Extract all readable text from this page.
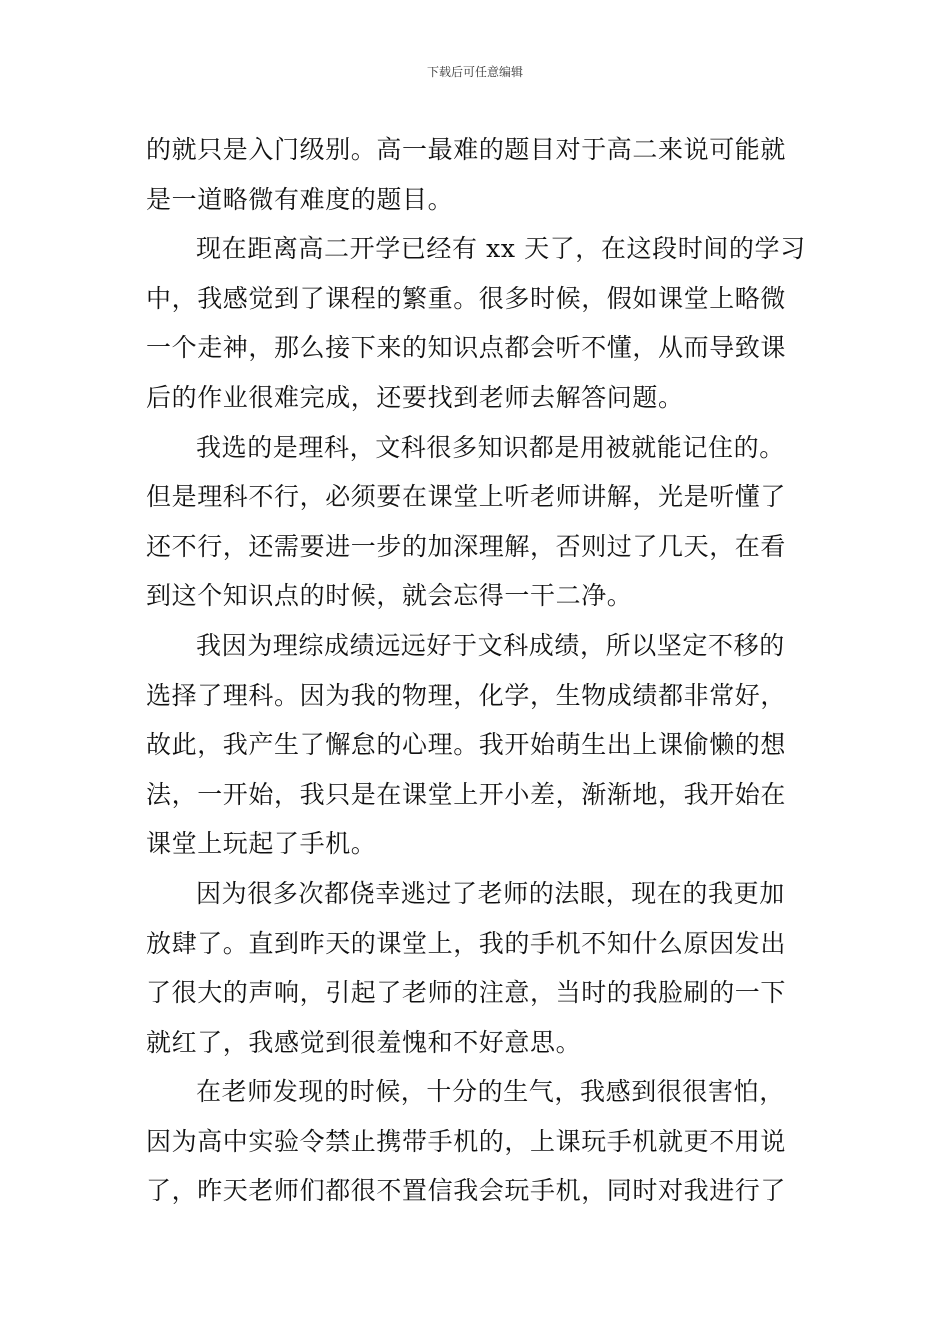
下载后可任意编辑
的就只是入门级别。高一最难的题目对于高二来说可能就
是一道略微有难度的题目。
现在距离高二开学已经有 xx 天了，在这段时间的学习
中，我感觉到了课程的繁重。很多时候，假如课堂上略微
一个走神，那么接下来的知识点都会听不懂，从而导致课
后的作业很难完成，还要找到老师去解答问题。
我选的是理科，文科很多知识都是用被就能记住的。
但是理科不行，必须要在课堂上听老师讲解，光是听懂了
还不行，还需要进一步的加深理解，否则过了几天，在看
到这个知识点的时候，就会忘得一干二净。
我因为理综成绩远远好于文科成绩，所以坚定不移的
选择了理科。因为我的物理，化学，生物成绩都非常好，
故此，我产生了懈怠的心理。我开始萌生出上课偷懒的想
法，一开始，我只是在课堂上开小差，渐渐地，我开始在
课堂上玩起了手机。
因为很多次都侥幸逃过了老师的法眼，现在的我更加
放肆了。直到昨天的课堂上，我的手机不知什么原因发出
了很大的声响，引起了老师的注意，当时的我脸刷的一下
就红了，我感觉到很羞愧和不好意思。
在老师发现的时候，十分的生气，我感到很很害怕，
因为高中实验令禁止携带手机的，上课玩手机就更不用说
了，昨天老师们都很不置信我会玩手机，同时对我进行了
